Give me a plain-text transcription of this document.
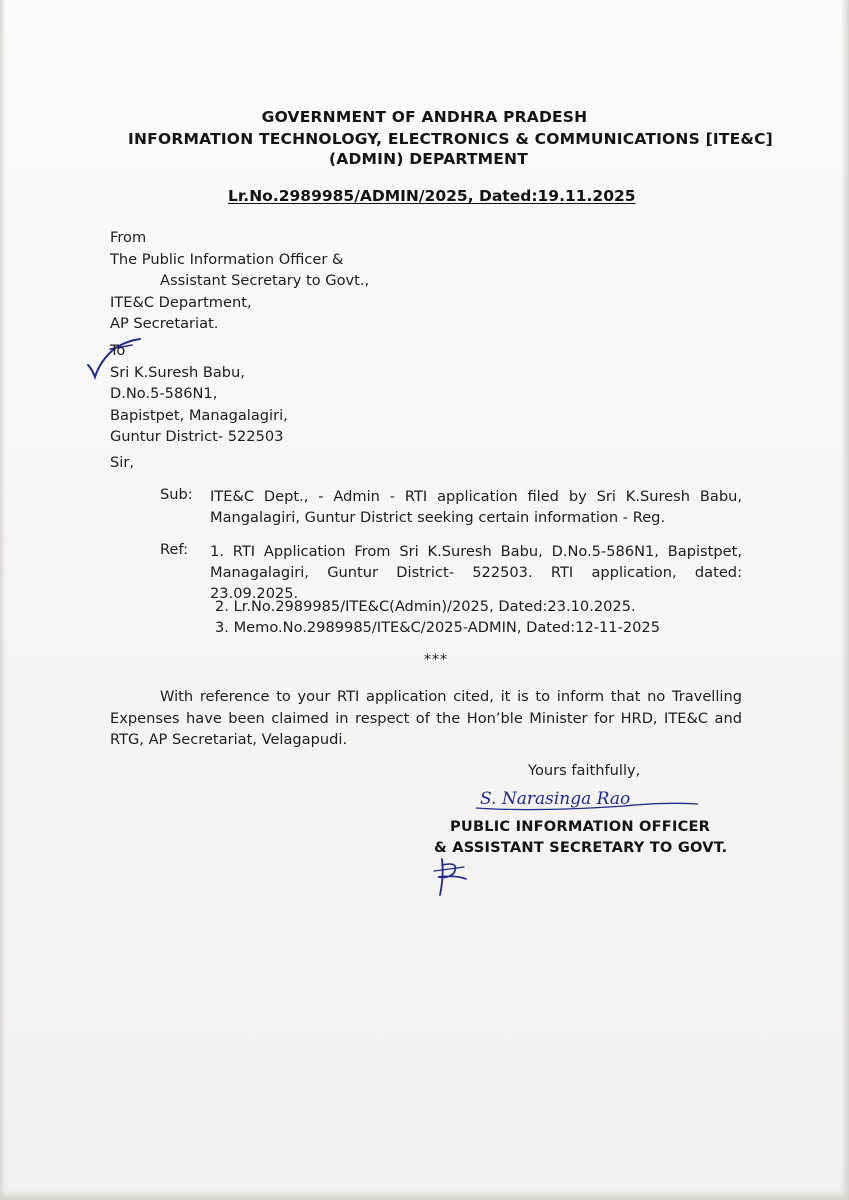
GOVERNMENT OF ANDHRA PRADESH
INFORMATION TECHNOLOGY, ELECTRONICS & COMMUNICATIONS [ITE&C]
(ADMIN) DEPARTMENT
Lr.No.2989985/ADMIN/2025, Dated:19.11.2025
From
The Public Information Officer &
Assistant Secretary to Govt.,
ITE&C Department,
AP Secretariat.
To
Sri K.Suresh Babu,
D.No.5-586N1,
Bapistpet, Managalagiri,
Guntur District- 522503
Sir,
Sub: ITE&C Dept., - Admin - RTI application filed by Sri K.Suresh Babu, Mangalagiri, Guntur District seeking certain information - Reg.
Ref: 1. RTI Application From Sri K.Suresh Babu, D.No.5-586N1, Bapistpet, Managalagiri, Guntur District- 522503. RTI application, dated: 23.09.2025.
2. Lr.No.2989985/ITE&C(Admin)/2025, Dated:23.10.2025.
3. Memo.No.2989985/ITE&C/2025-ADMIN, Dated:12-11-2025
***
With reference to your RTI application cited, it is to inform that no Travelling Expenses have been claimed in respect of the Hon’ble Minister for HRD, ITE&C and RTG, AP Secretariat, Velagapudi.
Yours faithfully,
S. Narasinga Rao
PUBLIC INFORMATION OFFICER
& ASSISTANT SECRETARY TO GOVT.
